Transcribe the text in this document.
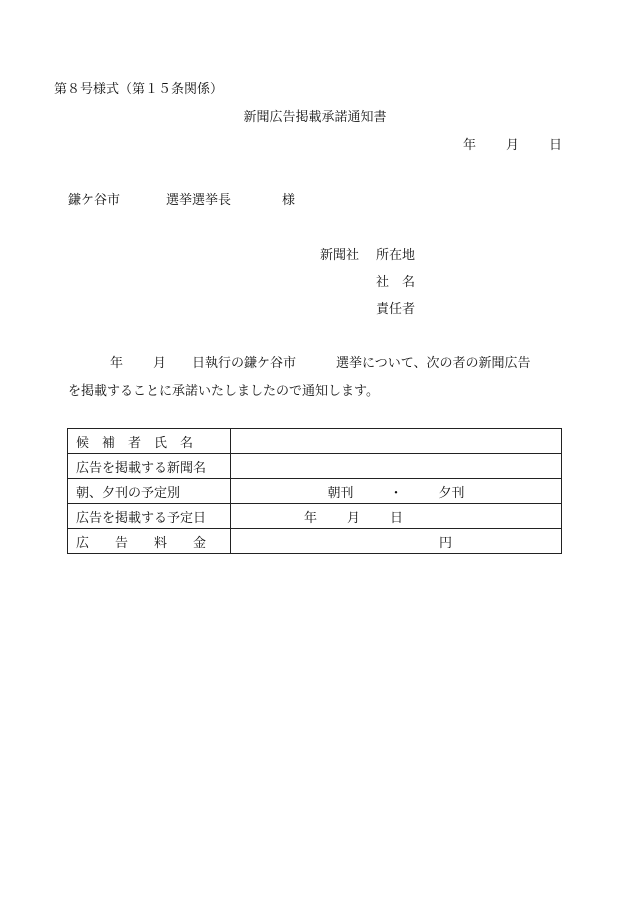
第８号様式（第１５条関係）
新聞広告掲載承諾通知書
年 月 日
鎌ケ谷市	選挙選挙長	様
新聞社 所在地
社　名
責任者
年 月 日執行の鎌ケ谷市	選挙について、次の者の新聞広告
を掲載することに承諾いたしましたので通知します。
候　補　者　氏　名	
広告を掲載する新聞名	
朝、夕刊の予定別	朝刊 ・ 夕刊
広告を掲載する予定日	年 月 日
広　　告　　料　　金	円
